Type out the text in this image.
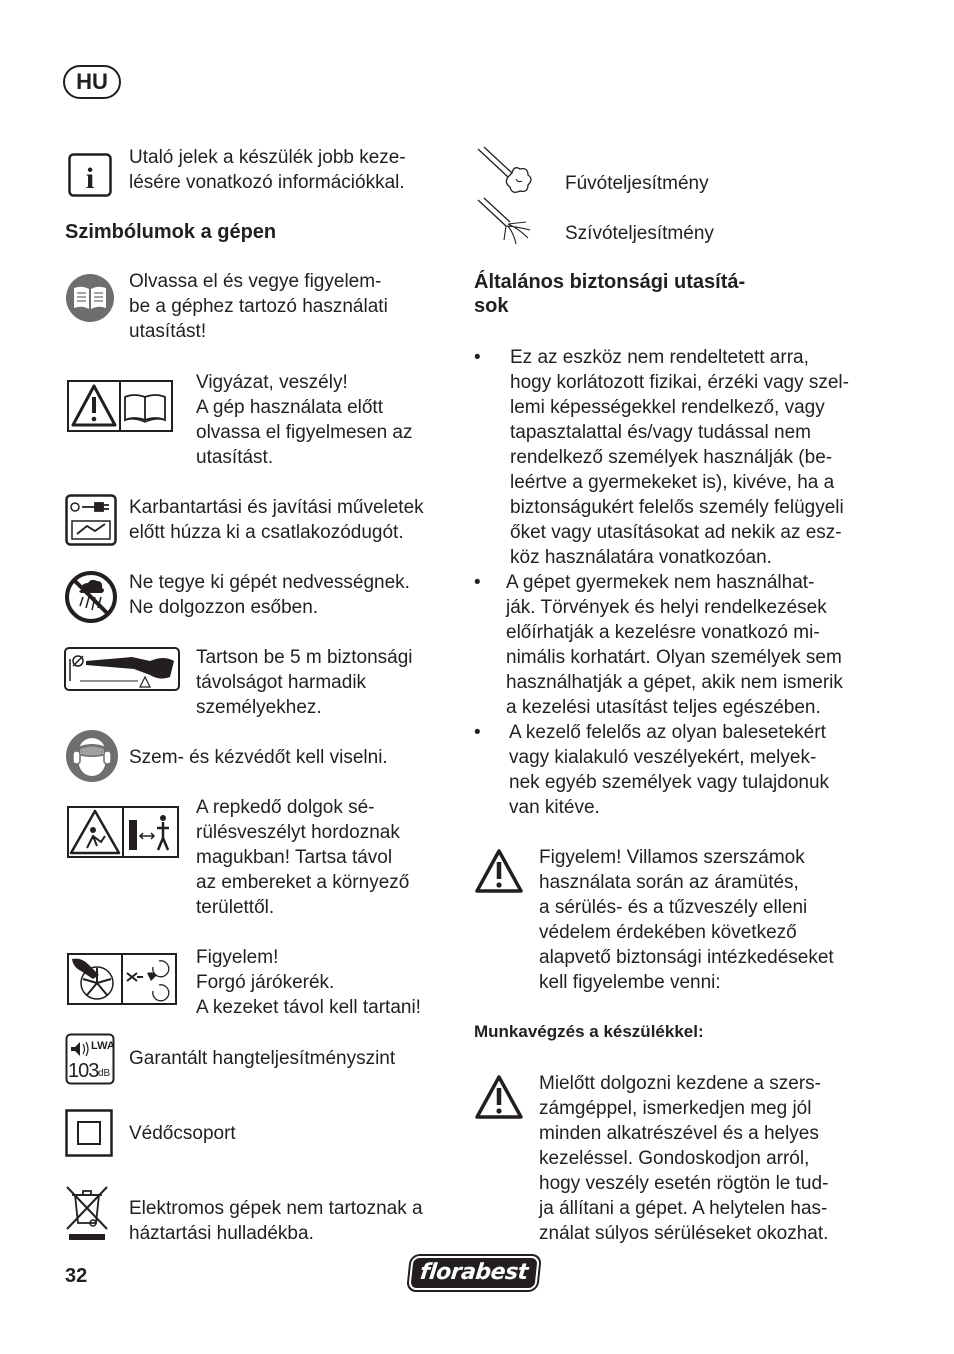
HU
i
Utaló jelek a készülék jobb keze-
lésére vonatkozó információkkal.
Szimbólumok a gépen
Olvassa el és vegye figyelem-
be a géphez tartozó használati
utasítást!
Vigyázat, veszély!
A gép használata előtt
olvassa el figyelmesen az
utasítást.
Karbantartási és javítási műveletek
előtt húzza ki a csatlakozódugót.
Ne tegye ki gépét nedvességnek.
Ne dolgozzon esőben.
Tartson be 5 m biztonsági
távolságot harmadik
személyekhez.
Szem- és kézvédőt kell viselni.
A repkedő dolgok sé-
rülésveszélyt hordoznak
magukban! Tartsa távol
az embereket a környező
területtől.
Figyelem!
Forgó járókerék.
A kezeket távol kell tartani!
LWA
103 dB
Garantált hangteljesítményszint
Védőcsoport
Elektromos gépek nem tartoznak a
háztartási hulladékba.
Fúvóteljesítmény
Szívóteljesítmény
Általános biztonsági utasítá-
sok
• Ez az eszköz nem rendeltetett arra,
hogy korlátozott fizikai, érzéki vagy szel-
lemi képességekkel rendelkező, vagy
tapasztalattal és/vagy tudással nem
rendelkező személyek használják (be-
leértve a gyermekeket is), kivéve, ha a
biztonságukért felelős személy felügyeli
őket vagy utasításokat ad nekik az esz-
köz használatára vonatkozóan.
• A gépet gyermekek nem használhat-
ják. Törvények és helyi rendelkezések
előírhatják a kezelésre vonatkozó mi-
nimális korhatárt. Olyan személyek sem
használhatják a gépet, akik nem ismerik
a kezelési utasítást teljes egészében.
• A kezelő felelős az olyan balesetekért
vagy kialakuló veszélyekért, melyek-
nek egyéb személyek vagy tulajdonuk
van kitéve.
Figyelem! Villamos szerszámok
használata során az áramütés,
a sérülés- és a tűzveszély elleni
védelem érdekében következő
alapvető biztonsági intézkedéseket
kell figyelembe venni:
Munkavégzés a készülékkel:
Mielőtt dolgozni kezdene a szers-
zámgéppel, ismerkedjen meg jól
minden alkatrészével és a helyes
kezeléssel. Gondoskodjon arról,
hogy veszély esetén rögtön le tud-
ja állítani a gépet. A helytelen has-
ználat súlyos sérüléseket okozhat.
32	florabest
